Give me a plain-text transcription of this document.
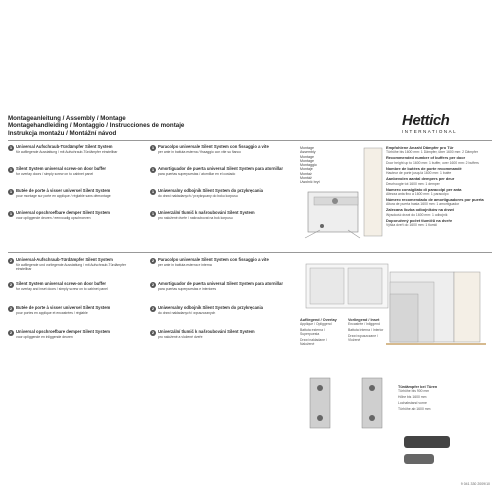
Montageanleitung / Assembly / Montage
Montagehandleiding / Montaggio / Instrucciones de montaje
Instrukcja montażu / Montážní návod
Hettich
INTERNATIONAL
1 Universal Aufschraub-Türdämpfer Silent System
für aufliegende Ausstattung / mit Aufschraub-Türdämpfer einstellbar
1 Silent System universal screw-on door buffer
for overlay doors / simply screw on to cabinet panel
1 Butée de porte à visser universel Silent System
pour montage sur porte en applique / réglable sans démontage
1 Universal opschroefbare demper Silent System
voor opliggende deuren / eenvoudig opschroeven
1 Paracolpo universale Silent System con fissaggio a vite
per ante in battuta esterna / fissaggio con vite su fianco
1 Amortiguador de puerta universal Silent System para atornillar
para puertas superpuestas / atornillar en el costado
1 Uniwersalny odbojnik Silent System do przykręcania
do drzwi nakładanych / przykręcany do boku korpusu
1 Univerzální tlumič k našroubování Silent System
pro naložené dveře / našroubovat na bok korpusu
Montage
Assembly
Montage
Montage
Montaggio
Montaje
Montaż
Montáž
Uwolnić bryt
Empfohlene Anzahl Dämpfer pro Tür
Türhöhe bis 1600 mm: 1 Dämpfer, über 1600 mm: 2 Dämpfer
Recommended number of buffers per door
Door height up to 1600 mm: 1 buffer, over 1600 mm: 2 buffers
Nombre de butées de porte recommandé
Hauteur de porte jusqu'à 1600 mm: 1 butée
Aanbevolen aantal dempers per deur
Deurhoogte tot 1600 mm: 1 demper
Numero consigliato di paracolpi per anta
Altezza anta fino a 1600 mm: 1 paracolpo
Número recomendado de amortiguadores por puerta
Altura de puerta hasta 1600 mm: 1 amortiguador
Zalecana liczba odbojników na drzwi
Wysokość drzwi do 1600 mm: 1 odbojnik
Doporučený počet tlumičů na dveře
Výška dveří do 1600 mm: 1 tlumič
2 Universal-Aufschraub-Türdämpfer Silent System
für aufliegende und vorliegende Ausstattung / mit Aufschraub-Türdämpfer einstellbar
2 Silent System universal screw-on door buffer
for overlay and inset doors / simply screw on to cabinet panel
2 Butée de porte à visser universel Silent System
pour portes en applique et encastrées / réglable
2 Universal opschroefbare demper Silent System
voor opliggende en inliggende deuren
2 Paracolpo universale Silent System con fissaggio a vite
per ante in battuta esterna e interna
2 Amortiguador de puerta universal Silent System para atornillar
para puertas superpuestas e interiores
2 Uniwersalny odbojnik Silent System do przykręcania
do drzwi nakładanych i wpuszczanych
2 Univerzální tlumič k našroubování Silent System
pro naložené a vložené dveře
Aufliegend / Overlay
Applique / Opliggend
Battuta esterna / Superpuesta
Drzwi nakładane / Naložené
Vorliegend / Inset
Encastrée / Inliggend
Battuta interna / Interior
Drzwi wpuszczane / Vložené
Türdämpfer bei Türen
Türhöhe bis 900 mm
Höhe bis 1600 mm
Lochabstand vorne
Türhöhe ab 1600 mm
9 041 330 2009/10
